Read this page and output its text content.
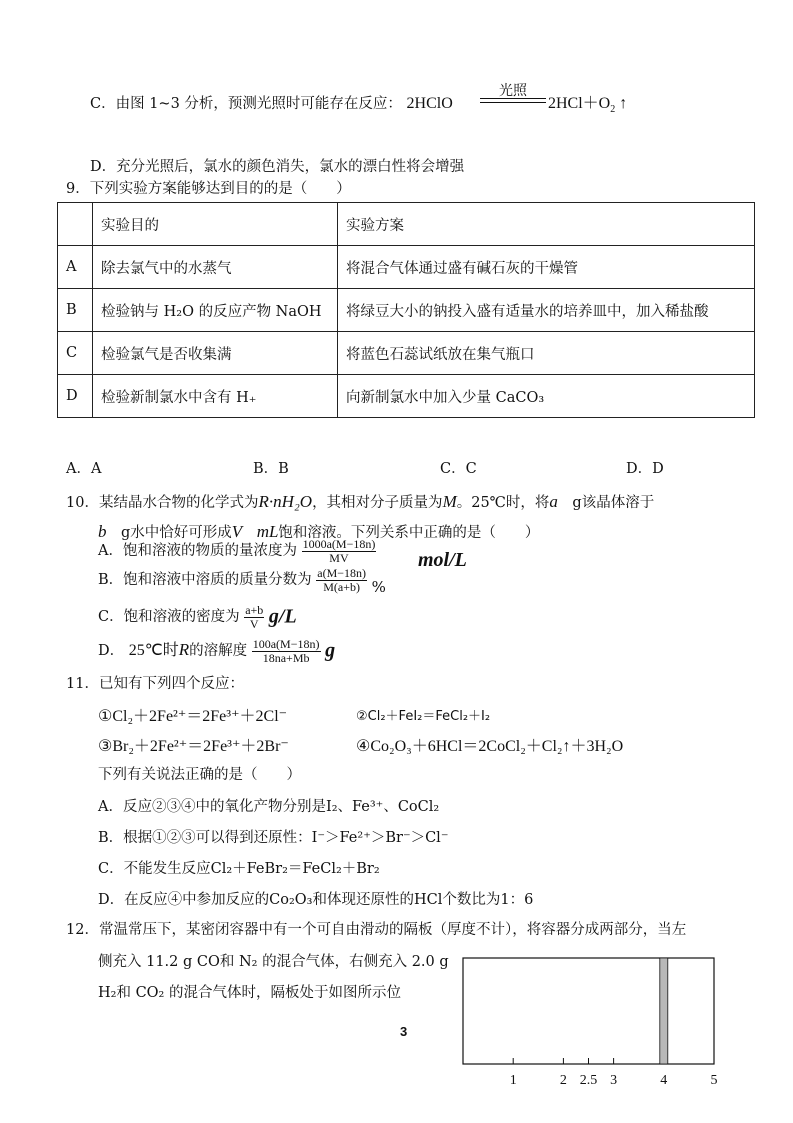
C．由图 1~3 分析，预测光照时可能存在反应： 2HClO
光照
$2HCl+O_2$ ↑
D．充分光照后，氯水的颜色消失，氯水的漂白性将会增强
9．下列实验方案能够达到目的的是（　　）
	实验目的	实验方案
A	除去氯气中的水蒸气	将混合气体通过盛有碱石灰的干燥管
B	检验钠与 H₂O 的反应产物 NaOH	将绿豆大小的钠投入盛有适量水的培养皿中，加入稀盐酸
C	检验氯气是否收集满	将蓝色石蕊试纸放在集气瓶口
D	检验新制氯水中含有 H₊	向新制氯水中加入少量 CaCO₃
A．A	B．B	C．C	D．D
10．某结晶水合物的化学式为R·nH₂O，其相对分子质量为M。25℃时，将a　 g该晶体溶于
b　 g水中恰好可形成V　 mL饱和溶液。下列关系中正确的是（　　）
A．饱和溶液的物质的量浓度为 $\frac{1000a(M-18n)}{MV}$
B．饱和溶液中溶质的质量分数为 $\frac{a(M-18n)}{M(a+b)}$ %
mol/L
C．饱和溶液的密度为 $\frac{a+b}{V} g/L$
D． 25℃时R的溶解度 $\frac{100a(M-18n)}{18na+Mb}$ g
11．已知有下列四个反应：
①Cl₂＋2Fe²⁺＝2Fe³⁺＋2Cl⁻	②Cl₂＋FeI₂＝FeCl₂＋I₂
③Br₂＋2Fe²⁺＝2Fe³⁺＋2Br⁻	④Co₂O₃＋6HCl＝2CoCl₂＋Cl₂↑＋3H₂O
下列有关说法正确的是（　　）
A．反应②③④中的氧化产物分别是I₂、Fe³⁺、CoCl₂
B．根据①②③可以得到还原性：I⁻＞Fe²⁺＞Br⁻＞Cl⁻
C．不能发生反应Cl₂＋FeBr₂＝FeCl₂＋Br₂
D．在反应④中参加反应的Co₂O₃和体现还原性的HCl个数比为1：6
12．常温常压下，某密闭容器中有一个可自由滑动的隔板（厚度不计），将容器分成两部分，当左
侧充入 11.2 g CO和 N₂ 的混合气体，右侧充入 2.0 g
H₂和 CO₂ 的混合气体时，隔板处于如图所示位
1	2 2.5 3	4	5
3
